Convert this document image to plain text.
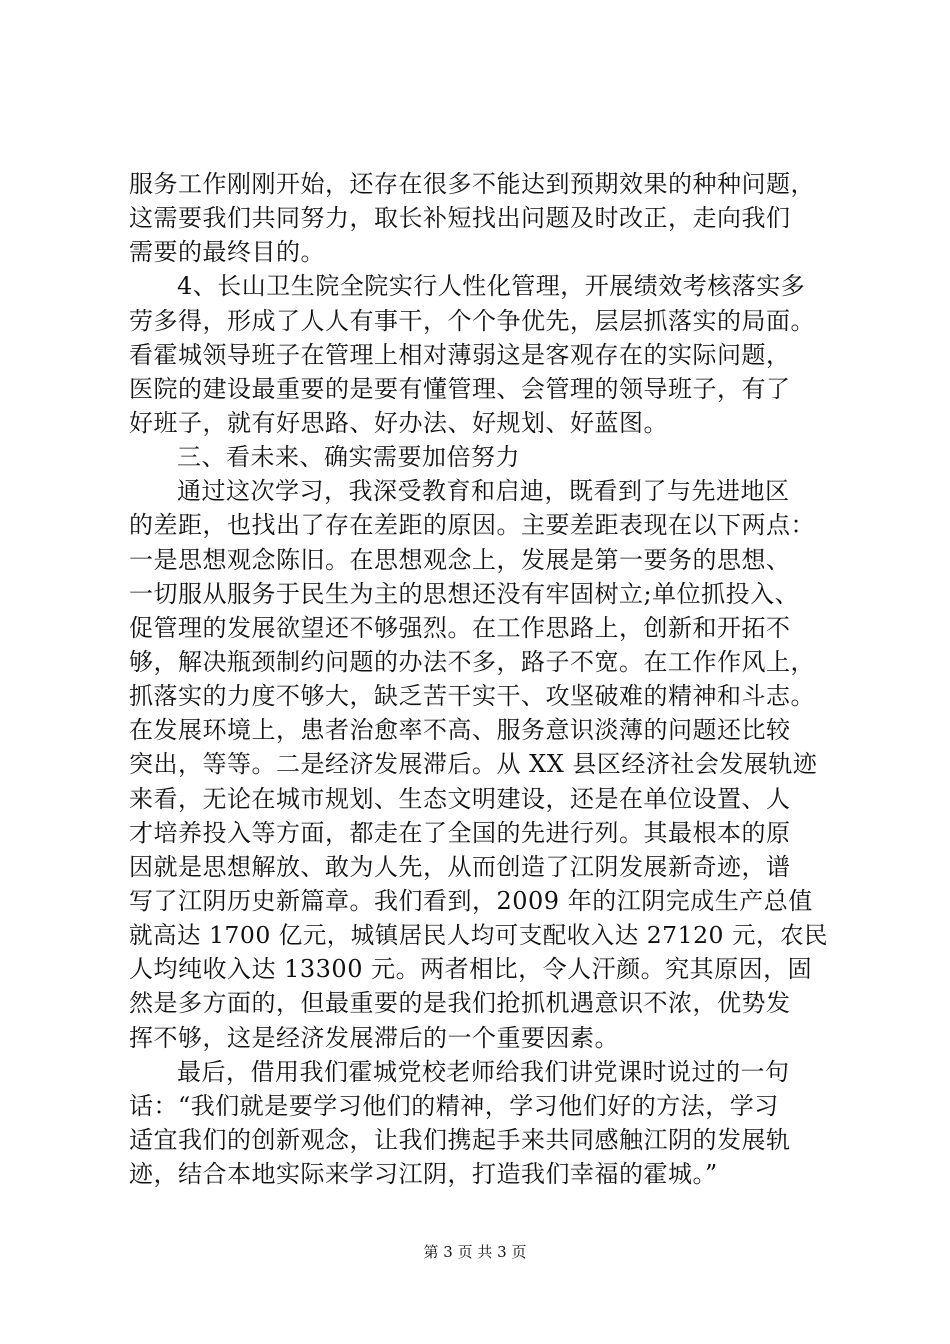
服务工作刚刚开始，还存在很多不能达到预期效果的种种问题，
这需要我们共同努力，取长补短找出问题及时改正，走向我们
需要的最终目的。
4、长山卫生院全院实行人性化管理，开展绩效考核落实多
劳多得，形成了人人有事干，个个争优先，层层抓落实的局面。
看霍城领导班子在管理上相对薄弱这是客观存在的实际问题，
医院的建设最重要的是要有懂管理、会管理的领导班子，有了
好班子，就有好思路、好办法、好规划、好蓝图。
三、看未来、确实需要加倍努力
通过这次学习，我深受教育和启迪，既看到了与先进地区
的差距，也找出了存在差距的原因。主要差距表现在以下两点：
一是思想观念陈旧。在思想观念上，发展是第一要务的思想、
一切服从服务于民生为主的思想还没有牢固树立;单位抓投入、
促管理的发展欲望还不够强烈。在工作思路上，创新和开拓不
够，解决瓶颈制约问题的办法不多，路子不宽。在工作作风上，
抓落实的力度不够大，缺乏苦干实干、攻坚破难的精神和斗志。
在发展环境上，患者治愈率不高、服务意识淡薄的问题还比较
突出，等等。二是经济发展滞后。从 XX 县区经济社会发展轨迹
来看，无论在城市规划、生态文明建设，还是在单位设置、人
才培养投入等方面，都走在了全国的先进行列。其最根本的原
因就是思想解放、敢为人先，从而创造了江阴发展新奇迹，谱
写了江阴历史新篇章。我们看到，2009 年的江阴完成生产总值
就高达 1700 亿元，城镇居民人均可支配收入达 27120 元，农民
人均纯收入达 13300 元。两者相比，令人汗颜。究其原因，固
然是多方面的，但最重要的是我们抢抓机遇意识不浓，优势发
挥不够，这是经济发展滞后的一个重要因素。
最后，借用我们霍城党校老师给我们讲党课时说过的一句
话：“我们就是要学习他们的精神，学习他们好的方法，学习
适宜我们的创新观念，让我们携起手来共同感触江阴的发展轨
迹，结合本地实际来学习江阴，打造我们幸福的霍城。”
第 3 页 共 3 页
